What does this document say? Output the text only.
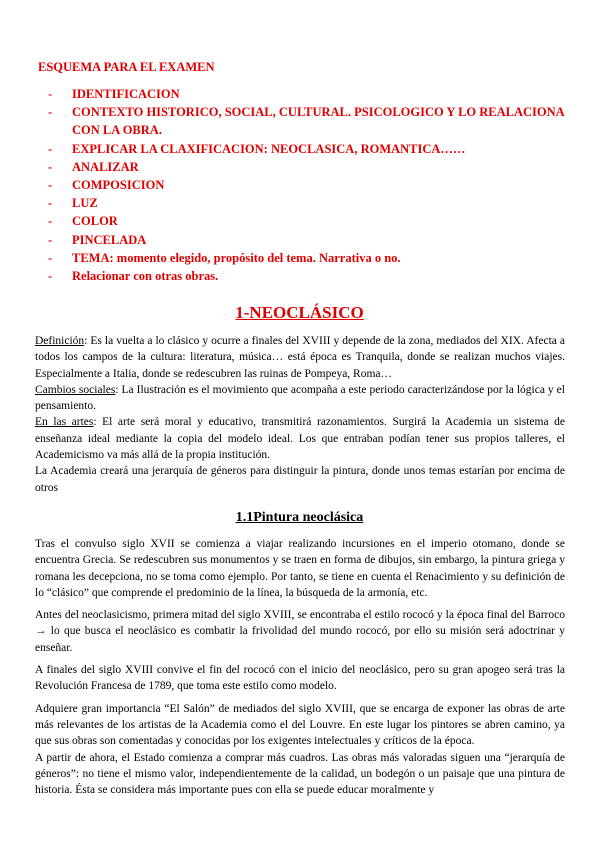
ESQUEMA PARA EL EXAMEN

- IDENTIFICACION
- CONTEXTO HISTORICO, SOCIAL, CULTURAL. PSICOLOGICO Y LO REALACIONA CON LA OBRA.
- EXPLICAR LA CLAXIFICACION: NEOCLASICA, ROMANTICA……
- ANALIZAR
- COMPOSICION
- LUZ
- COLOR
- PINCELADA
- TEMA: momento elegido, propósito del tema. Narrativa o no.
- Relacionar con otras obras.
1-NEOCLÁSICO

Definición: Es la vuelta a lo clásico y ocurre a finales del XVIII y depende de la zona, mediados del XIX. Afecta a todos los campos de la cultura: literatura, música… está época es Tranquila, donde se realizan muchos viajes. Especialmente a Italia, donde se redescubren las ruinas de Pompeya, Roma…

Cambios sociales: La Ilustración es el movimiento que acompaña a este periodo caracterizándose por la lógica y el pensamiento.

En las artes: El arte será moral y educativo, transmitirá razonamientos. Surgirá la Academia un sistema de enseñanza ideal mediante la copia del modelo ideal. Los que entraban podían tener sus propios talleres, el Academicismo va más allá de la propia institución.

La Academia creará una jerarquía de géneros para distinguir la pintura, donde unos temas estarían por encima de otros

1.1Pintura neoclásica

Tras el convulso siglo XVII se comienza a viajar realizando incursiones en el imperio otomano, donde se encuentra Grecia. Se redescubren sus monumentos y se traen en forma de dibujos, sin embargo, la pintura griega y romana les decepciona, no se toma como ejemplo. Por tanto, se tiene en cuenta el Renacimiento y su definición de lo “clásico” que comprende el predominio de la línea, la búsqueda de la armonía, etc.

Antes del neoclasicismo, primera mitad del siglo XVIII, se encontraba el estilo rococó y la época final del Barroco → lo que busca el neoclásico es combatir la frivolidad del mundo rococó, por ello su misión será adoctrinar y enseñar.

A finales del siglo XVIII convive el fin del rococó con el inicio del neoclásico, pero su gran apogeo será tras la Revolución Francesa de 1789, que toma este estilo como modelo.

Adquiere gran importancia “El Salón” de mediados del siglo XVIII, que se encarga de exponer las obras de arte más relevantes de los artistas de la Academia como el del Louvre. En este lugar los pintores se abren camino, ya que sus obras son comentadas y conocidas por los exigentes intelectuales y críticos de la época.

A partir de ahora, el Estado comienza a comprar más cuadros. Las obras más valoradas siguen una “jerarquía de géneros”: no tiene el mismo valor, independientemente de la calidad, un bodegón o un paisaje que una pintura de historia. Ésta se considera más importante pues con ella se puede educar moralmente y
